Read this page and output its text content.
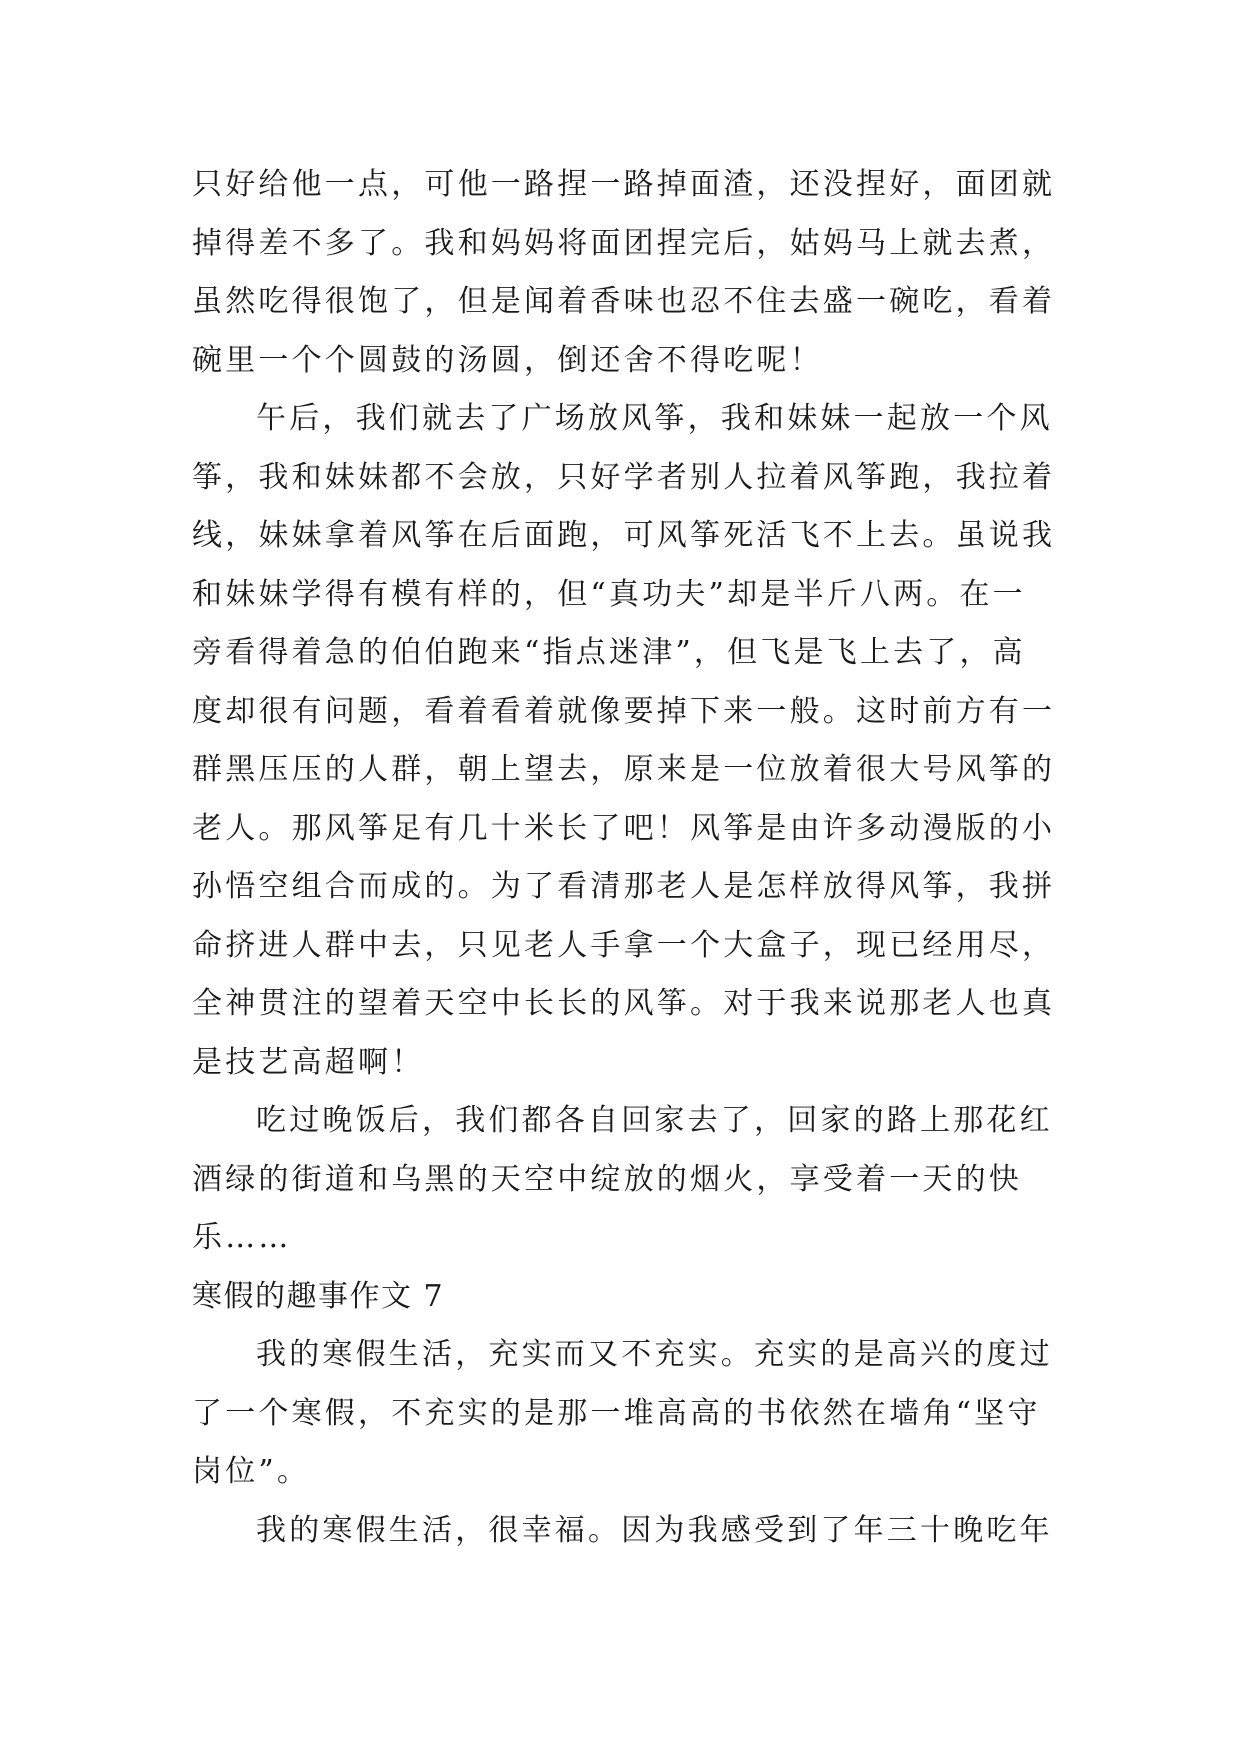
只好给他一点，可他一路捏一路掉面渣，还没捏好，面团就
掉得差不多了。我和妈妈将面团捏完后，姑妈马上就去煮，
虽然吃得很饱了，但是闻着香味也忍不住去盛一碗吃，看着
碗里一个个圆鼓的汤圆，倒还舍不得吃呢！
午后，我们就去了广场放风筝，我和妹妹一起放一个风
筝，我和妹妹都不会放，只好学者别人拉着风筝跑，我拉着
线，妹妹拿着风筝在后面跑，可风筝死活飞不上去。虽说我
和妹妹学得有模有样的，但“真功夫”却是半斤八两。在一
旁看得着急的伯伯跑来“指点迷津”，但飞是飞上去了，高
度却很有问题，看着看着就像要掉下来一般。这时前方有一
群黑压压的人群，朝上望去，原来是一位放着很大号风筝的
老人。那风筝足有几十米长了吧！风筝是由许多动漫版的小
孙悟空组合而成的。为了看清那老人是怎样放得风筝，我拼
命挤进人群中去，只见老人手拿一个大盒子，现已经用尽，
全神贯注的望着天空中长长的风筝。对于我来说那老人也真
是技艺高超啊！
吃过晚饭后，我们都各自回家去了，回家的路上那花红
酒绿的街道和乌黑的天空中绽放的烟火，享受着一天的快
乐……
寒假的趣事作文 7
我的寒假生活，充实而又不充实。充实的是高兴的度过
了一个寒假，不充实的是那一堆高高的书依然在墙角“坚守
岗位”。
我的寒假生活，很幸福。因为我感受到了年三十晚吃年
